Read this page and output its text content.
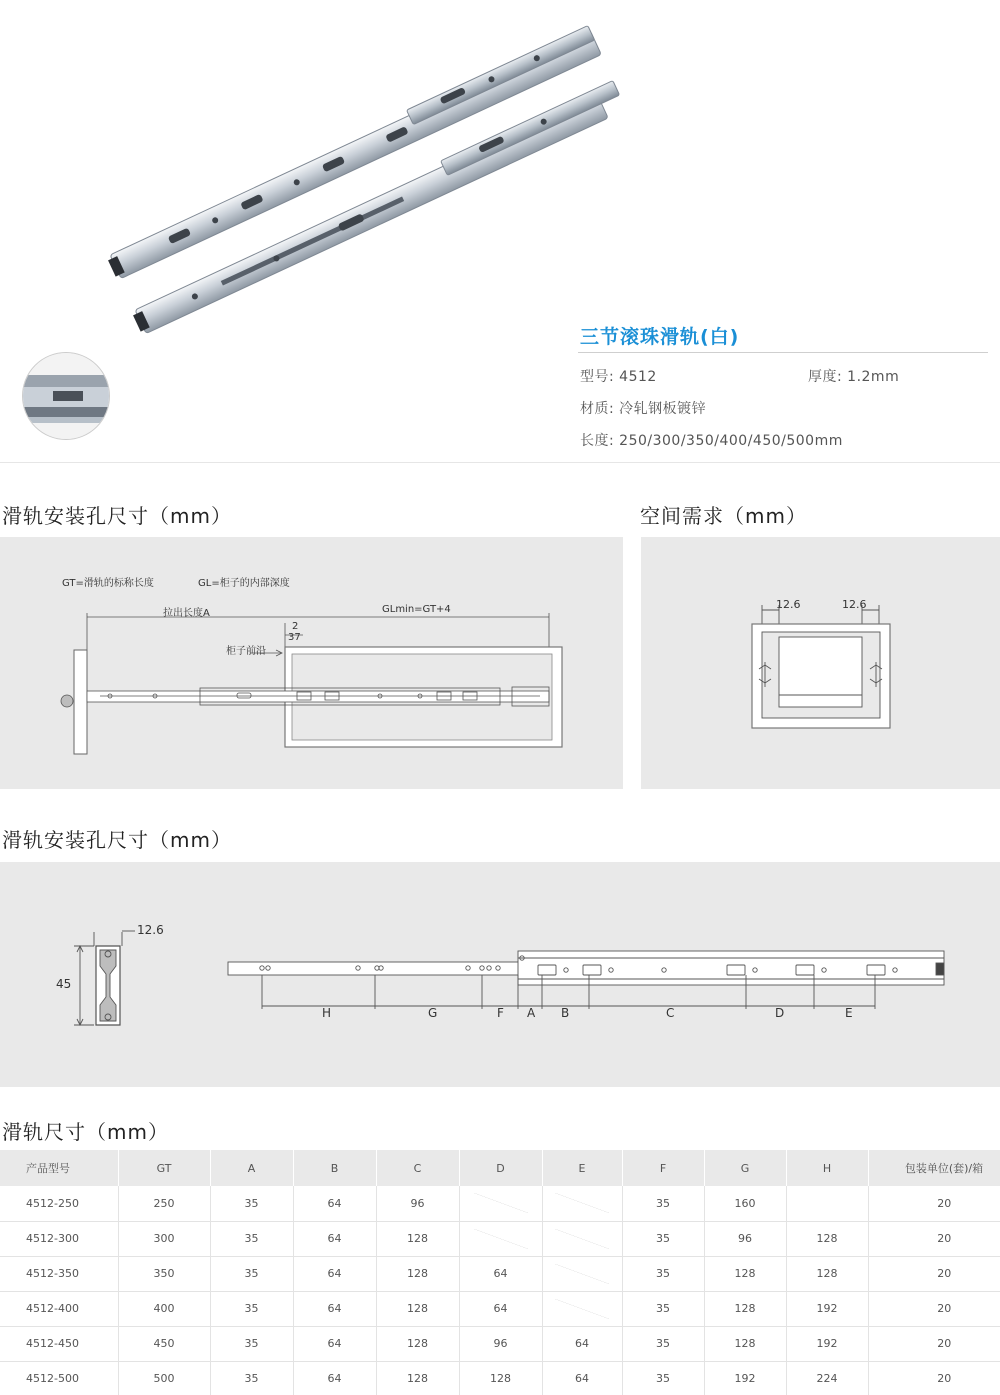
三节滚珠滑轨(白)
型号: 4512	厚度: 1.2mm
材质: 冷轧钢板镀锌
长度: 250/300/350/400/450/500mm
滑轨安装孔尺寸（mm）	空间需求（mm）
GT=滑轨的标称长度	GL=柜子的内部深度
拉出长度A	GLmin=GT+4
柜子前沿
2
37
12.6	12.6
滑轨安装孔尺寸（mm）
12.6
45
H	G	F A B	C	D	E
滑轨尺寸（mm）
产品型号	GT	A	B	C	D	E	F	G	H	包装单位(套)/箱
4512-250	250	35	64	96			35	160		20
4512-300	300	35	64	128			35	96	128	20
4512-350	350	35	64	128	64		35	128	128	20
4512-400	400	35	64	128	64		35	128	192	20
4512-450	450	35	64	128	96	64	35	128	192	20
4512-500	500	35	64	128	128	64	35	192	224	20
